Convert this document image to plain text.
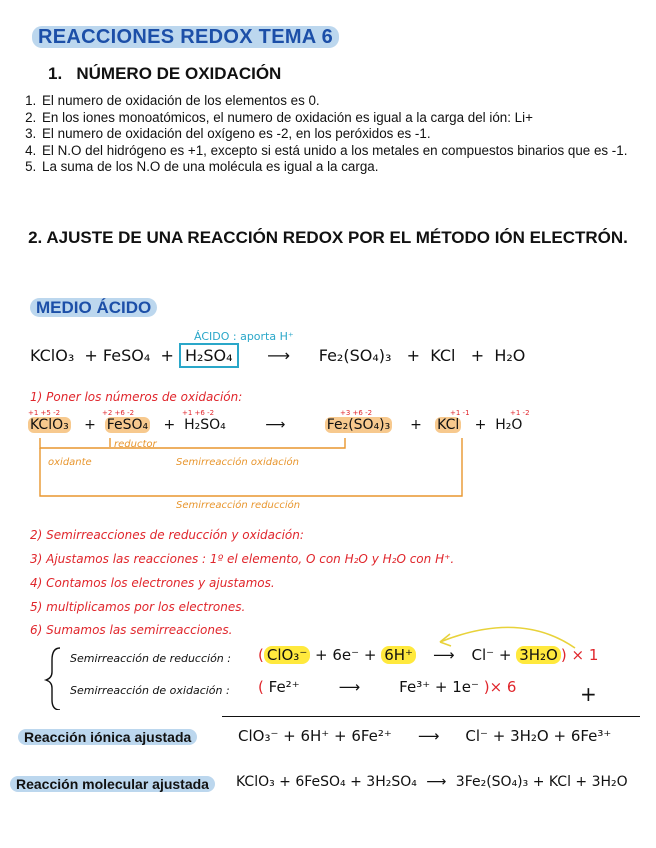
REACCIONES REDOX TEMA 6
1. NÚMERO DE OXIDACIÓN
1. El numero de oxidación de los elementos es 0.
2. En los iones monoatómicos, el numero de oxidación es igual a la carga del ión: Li+
3. El numero de oxidación del oxígeno es -2, en los peróxidos es -1.
4. El N.O del hidrógeno es +1, excepto si está unido a los metales en compuestos binarios que es -1.
5. La suma de los N.O de una molécula es igual a la carga.
2. AJUSTE DE UNA REACCIÓN REDOX POR EL MÉTODO IÓN ELECTRÓN.
MEDIO ÁCIDO
ÁCIDO : aporta H⁺
KClO₃  + FeSO₄  + H₂SO₄ ⟶ Fe₂(SO₄)₃   +  KCl   +  H₂O
1) Poner los números de oxidación:
+1 +5 -2	+2 +6 -2	+1 +6 -2	+3 +6 -2	+1 -1	+1 -2
KClO₃   +  FeSO₄   +  H₂SO₄	⟶	Fe₂(SO₄)₃    +   KCl   +  H₂O
reductor
oxidante	Semirreacción oxidación
Semirreacción reducción
2) Semirreacciones de reducción y oxidación:
3) Ajustamos las reacciones : 1º el elemento, O con H₂O y H₂O con H⁺.
4) Contamos los electrones y ajustamos.
5) multiplicamos por los electrones.
6) Sumamos las semirreacciones.
Semirreacción de reducción : ( ClO₃⁻ + 6e⁻ + 6H⁺ ⟶ Cl⁻ + 3H₂O ) × 1
Semirreacción de oxidación : ( Fe²⁺	⟶	Fe³⁺ + 1e⁻ )× 6	+
Reacción iónica ajustada	ClO₃⁻ + 6H⁺ + 6Fe²⁺ ⟶ Cl⁻ + 3H₂O + 6Fe³⁺
Reacción molecular ajustada	KClO₃ + 6FeSO₄ + 3H₂SO₄ ⟶ 3Fe₂(SO₄)₃ + KCl + 3H₂O
